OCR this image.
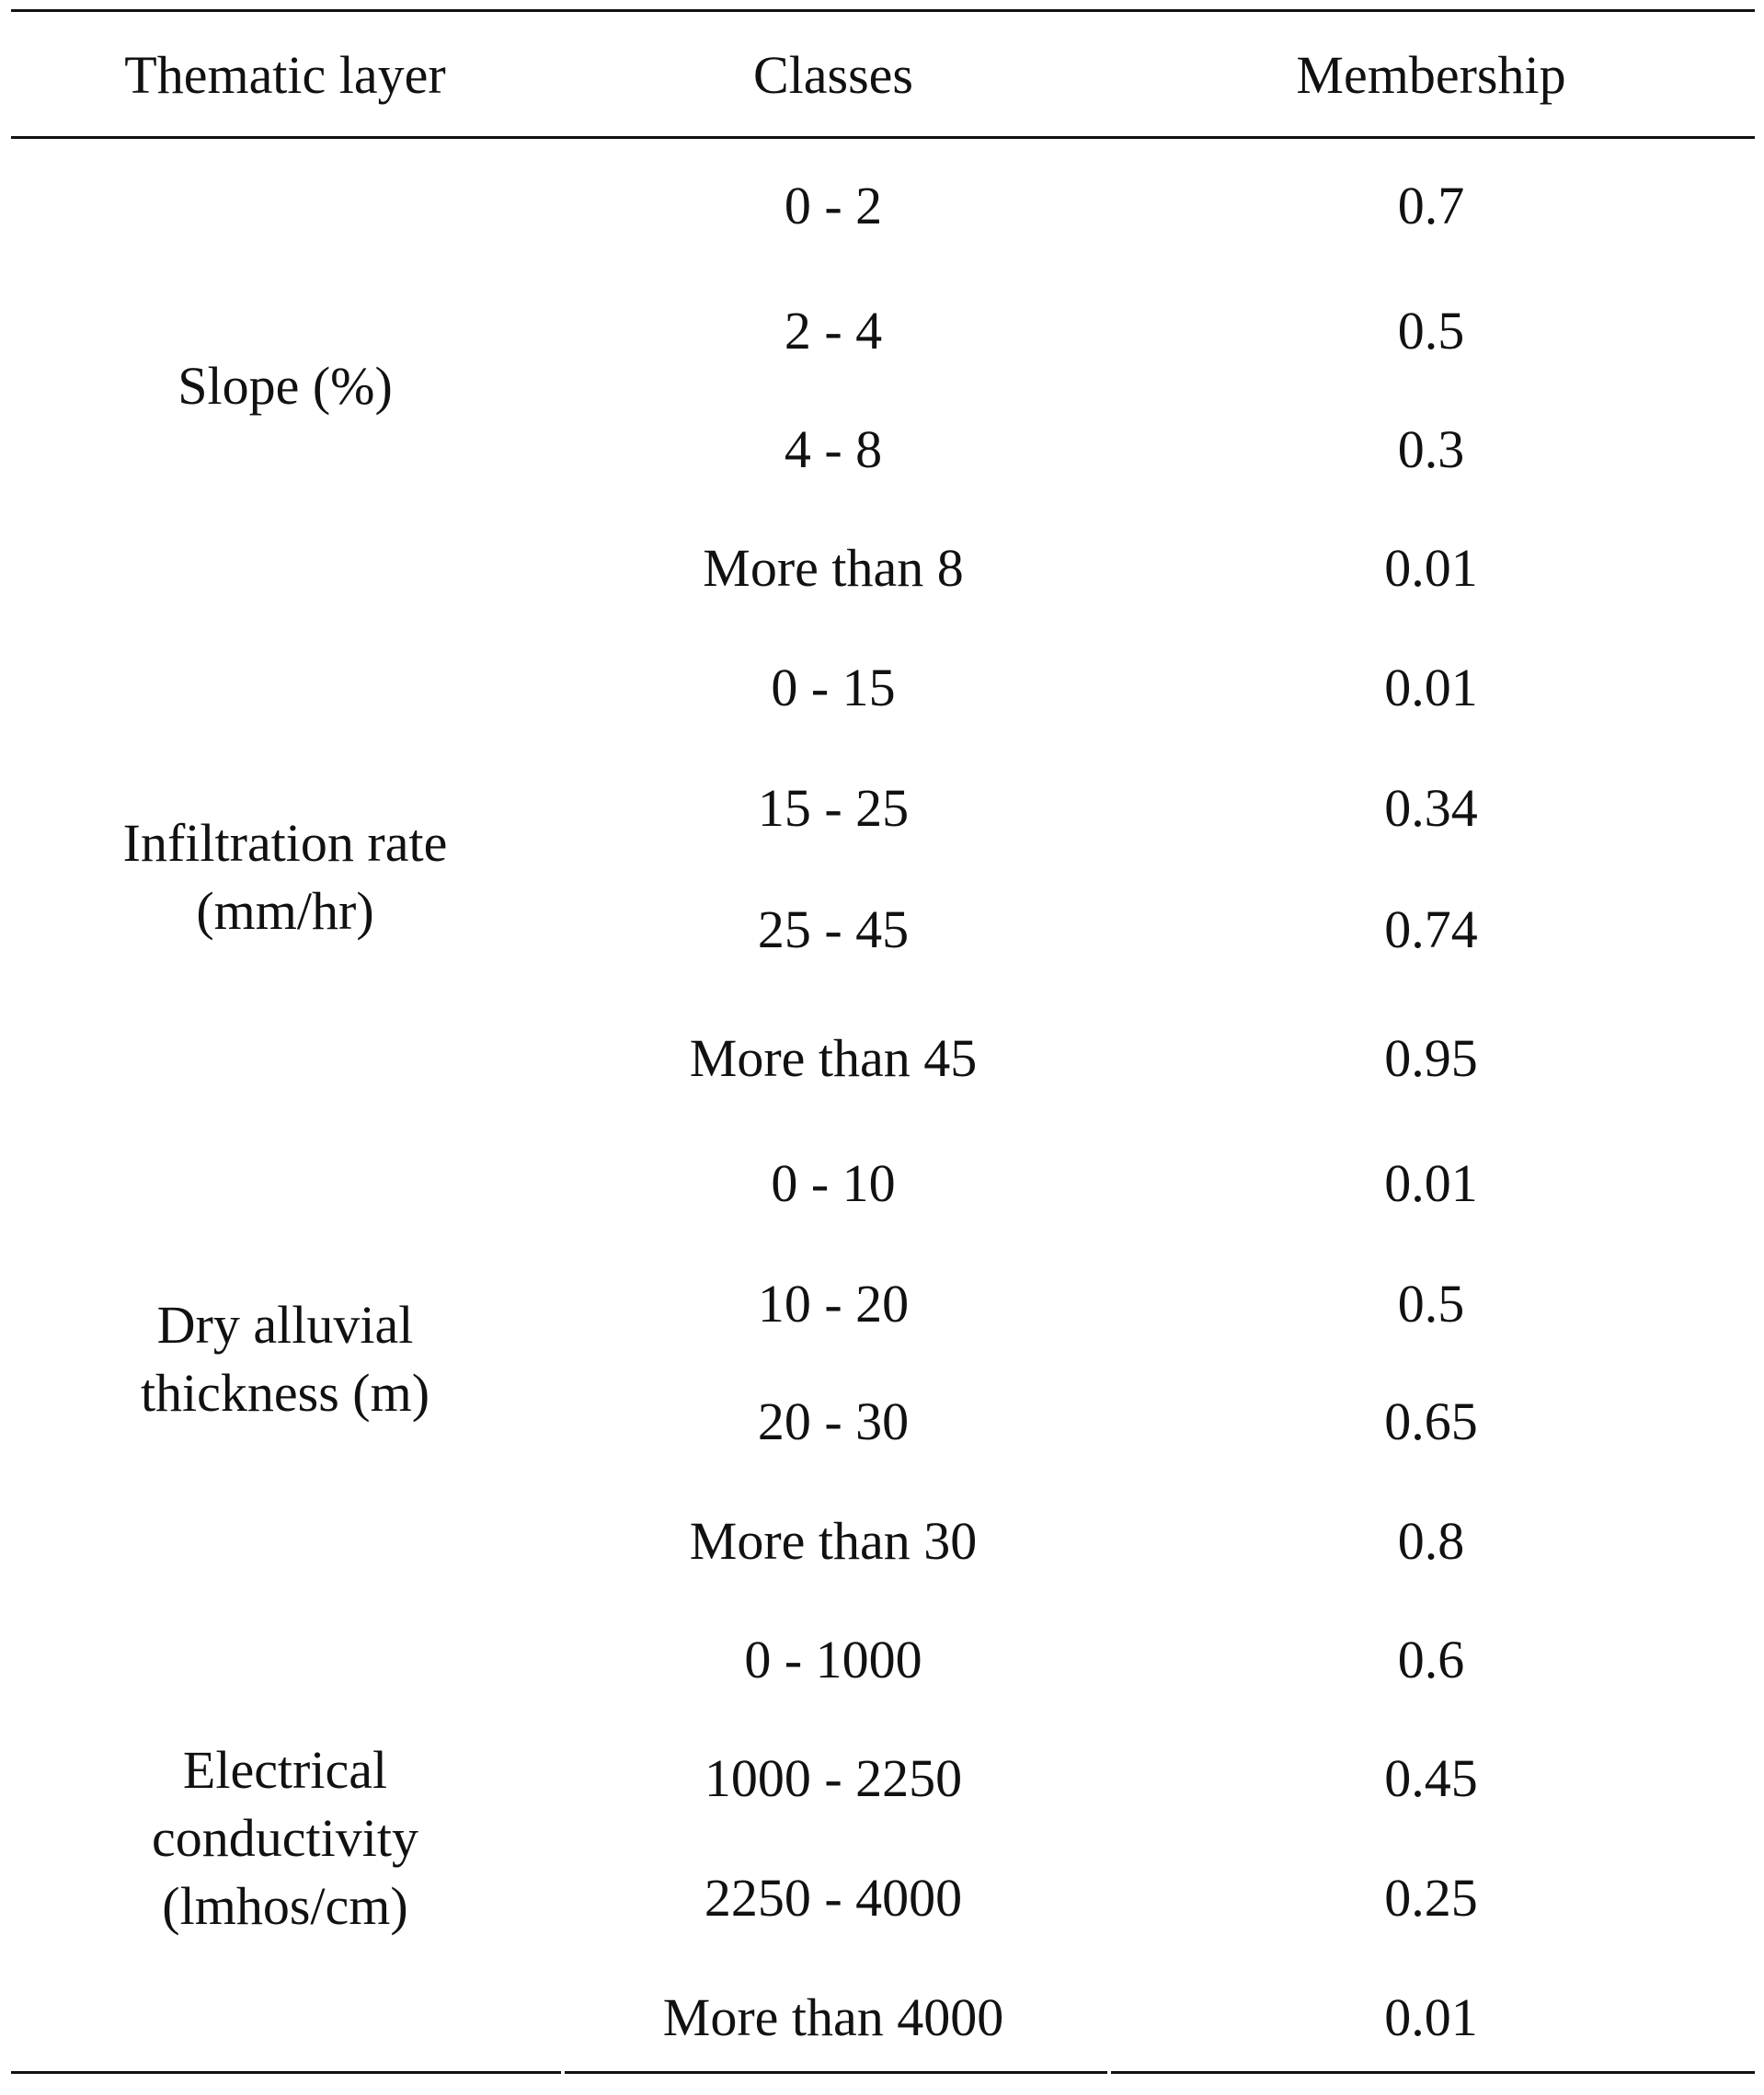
Thematic layer	Classes	Membership
Slope (%)
0 - 2	0.7
2 - 4	0.5
4 - 8	0.3
More than 8	0.01
Infiltration rate
(mm/hr)
0 - 15	0.01
15 - 25	0.34
25 - 45	0.74
More than 45	0.95
Dry alluvial
thickness (m)
0 - 10	0.01
10 - 20	0.5
20 - 30	0.65
More than 30	0.8
Electrical
conductivity
(lmhos/cm)
0 - 1000	0.6
1000 - 2250	0.45
2250 - 4000	0.25
More than 4000	0.01
